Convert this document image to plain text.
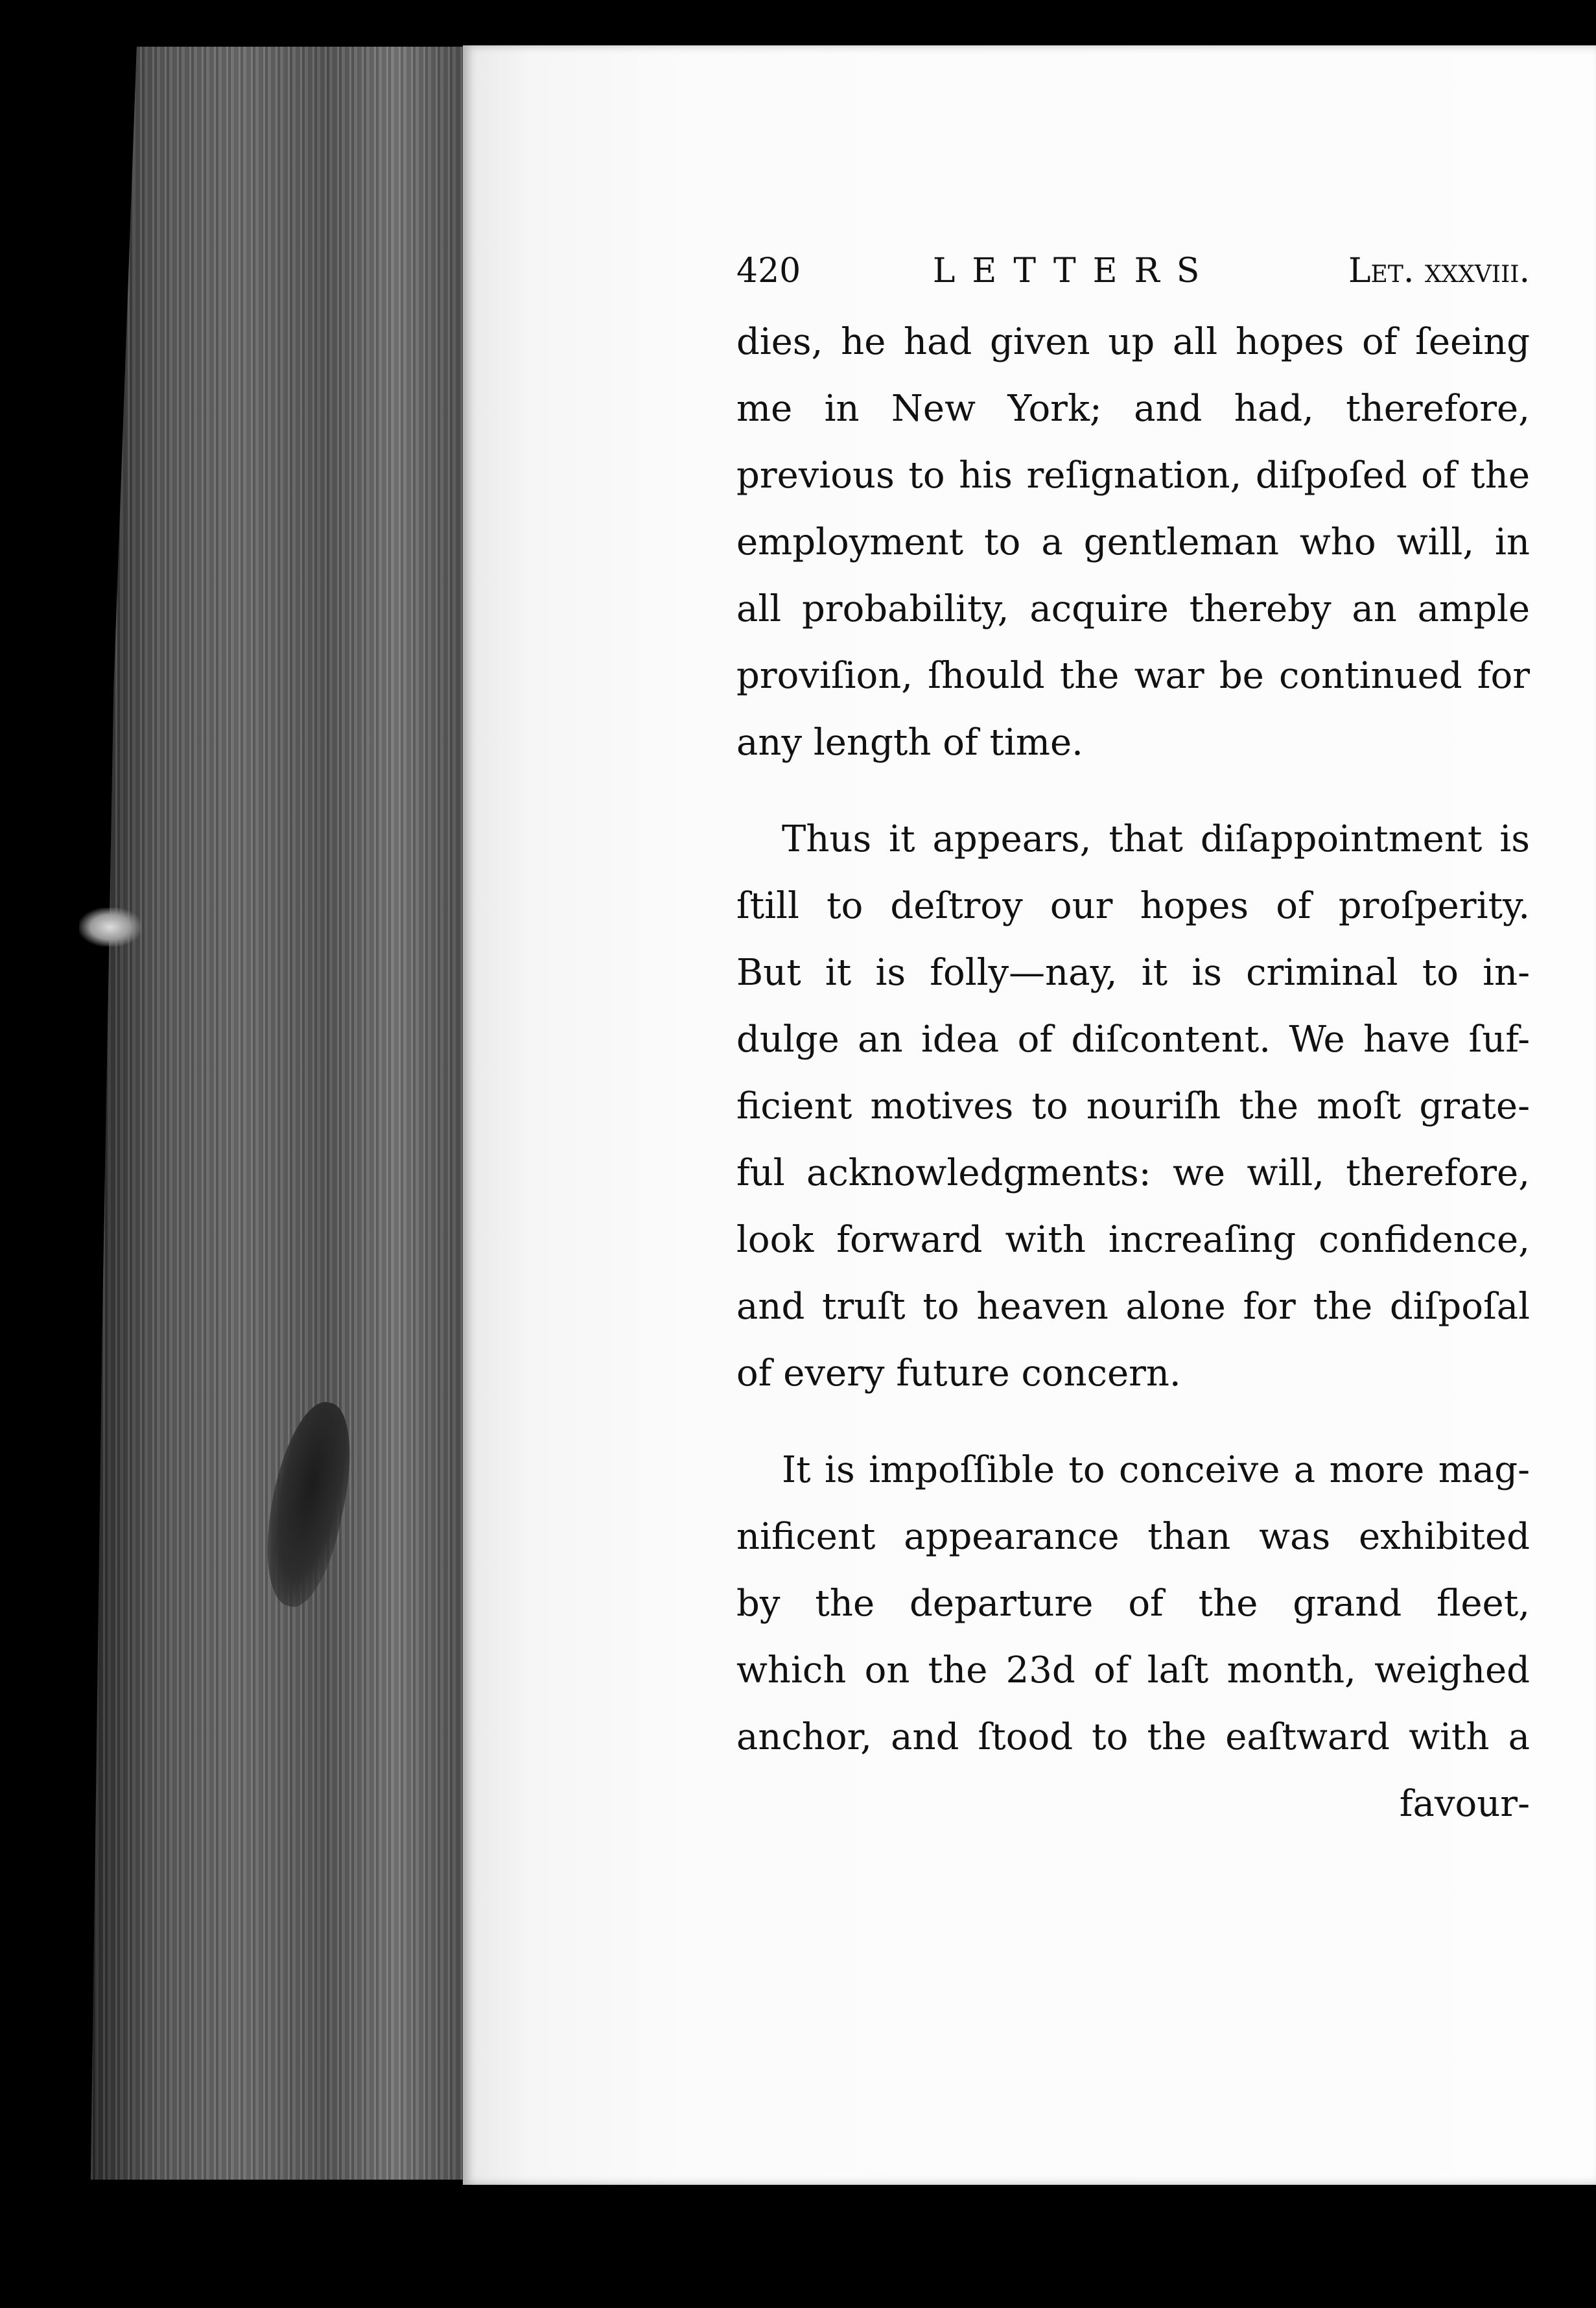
420	LETTERS	Let. xxxviii.
dies, he had given up all hopes of ſeeing
me in New York; and had, therefore,
previous to his reſignation, diſpoſed of the
employment to a gentleman who will, in
all probability, acquire thereby an ample
proviſion, ſhould the war be continued for
any length of time.
Thus it appears, that diſappointment is
ſtill to deſtroy our hopes of proſperity.
But it is folly—nay, it is criminal to in-
dulge an idea of diſcontent. We have ſuf-
ficient motives to nouriſh the moſt grate-
ful acknowledgments: we will, therefore,
look forward with increaſing confidence,
and truſt to heaven alone for the diſpoſal
of every future concern.
It is impoſſible to conceive a more mag-
nificent appearance than was exhibited
by the departure of the grand fleet,
which on the 23d of laſt month, weighed
anchor, and ſtood to the eaſtward with a
favour-
